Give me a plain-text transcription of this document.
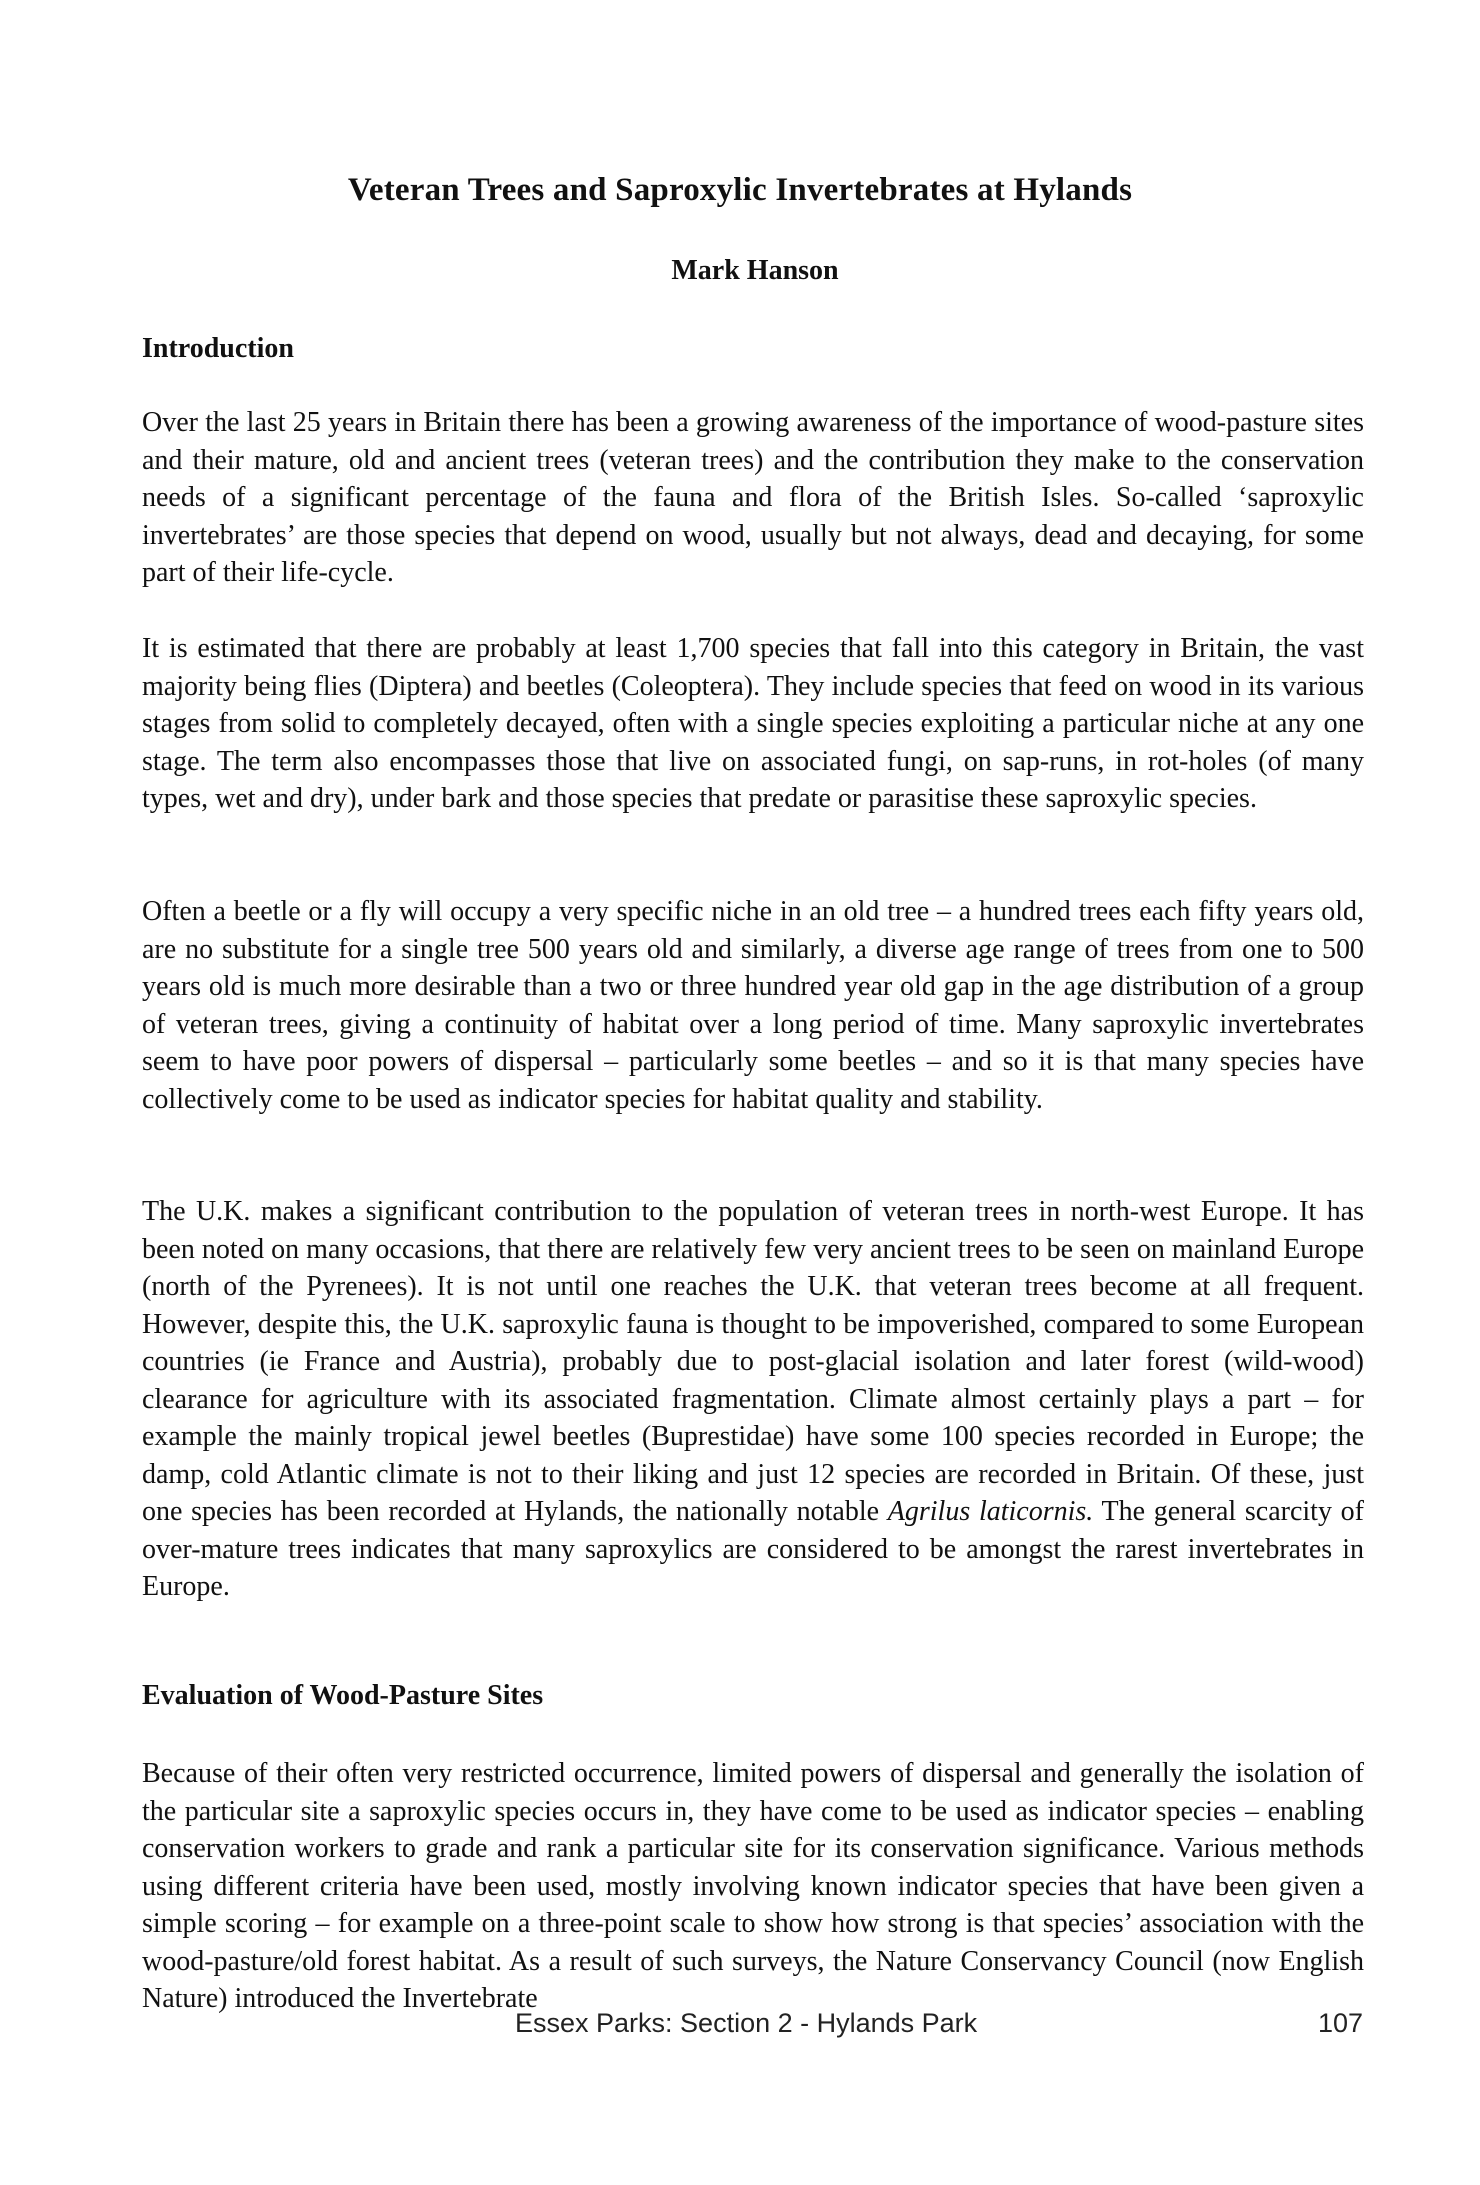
Veteran Trees and Saproxylic Invertebrates at Hylands
Mark Hanson
Introduction

Over the last 25 years in Britain there has been a growing awareness of the importance of wood-pasture sites and their mature, old and ancient trees (veteran trees) and the contribution they make to the conservation needs of a significant percentage of the fauna and flora of the British Isles. So-called ‘saproxylic invertebrates’ are those species that depend on wood, usually but not always, dead and decaying, for some part of their life-cycle.

It is estimated that there are probably at least 1,700 species that fall into this category in Britain, the vast majority being flies (Diptera) and beetles (Coleoptera). They include species that feed on wood in its various stages from solid to completely decayed, often with a single species exploiting a particular niche at any one stage. The term also encompasses those that live on associated fungi, on sap-runs, in rot-holes (of many types, wet and dry), under bark and those species that predate or parasitise these saproxylic species.

Often a beetle or a fly will occupy a very specific niche in an old tree – a hundred trees each fifty years old, are no substitute for a single tree 500 years old and similarly, a diverse age range of trees from one to 500 years old is much more desirable than a two or three hundred year old gap in the age distribution of a group of veteran trees, giving a continuity of habitat over a long period of time. Many saproxylic invertebrates seem to have poor powers of dispersal – particularly some beetles – and so it is that many species have collectively come to be used as indicator species for habitat quality and stability.

The U.K. makes a significant contribution to the population of veteran trees in north-west Europe. It has been noted on many occasions, that there are relatively few very ancient trees to be seen on mainland Europe (north of the Pyrenees). It is not until one reaches the U.K. that veteran trees become at all frequent. However, despite this, the U.K. saproxylic fauna is thought to be impoverished, compared to some European countries (ie France and Austria), probably due to post-glacial isolation and later forest (wild-wood) clearance for agriculture with its associated fragmentation. Climate almost certainly plays a part – for example the mainly tropical jewel beetles (Buprestidae) have some 100 species recorded in Europe; the damp, cold Atlantic climate is not to their liking and just 12 species are recorded in Britain. Of these, just one species has been recorded at Hylands, the nationally notable Agrilus laticornis. The general scarcity of over-mature trees indicates that many saproxylics are considered to be amongst the rarest invertebrates in Europe.

Evaluation of Wood-Pasture Sites

Because of their often very restricted occurrence, limited powers of dispersal and generally the isolation of the particular site a saproxylic species occurs in, they have come to be used as indicator species – enabling conservation workers to grade and rank a particular site for its conservation significance. Various methods using different criteria have been used, mostly involving known indicator species that have been given a simple scoring – for example on a three-point scale to show how strong is that species’ association with the wood-pasture/old forest habitat. As a result of such surveys, the Nature Conservancy Council (now English Nature) introduced the Invertebrate

Essex Parks: Section 2 - Hylands Park	107
